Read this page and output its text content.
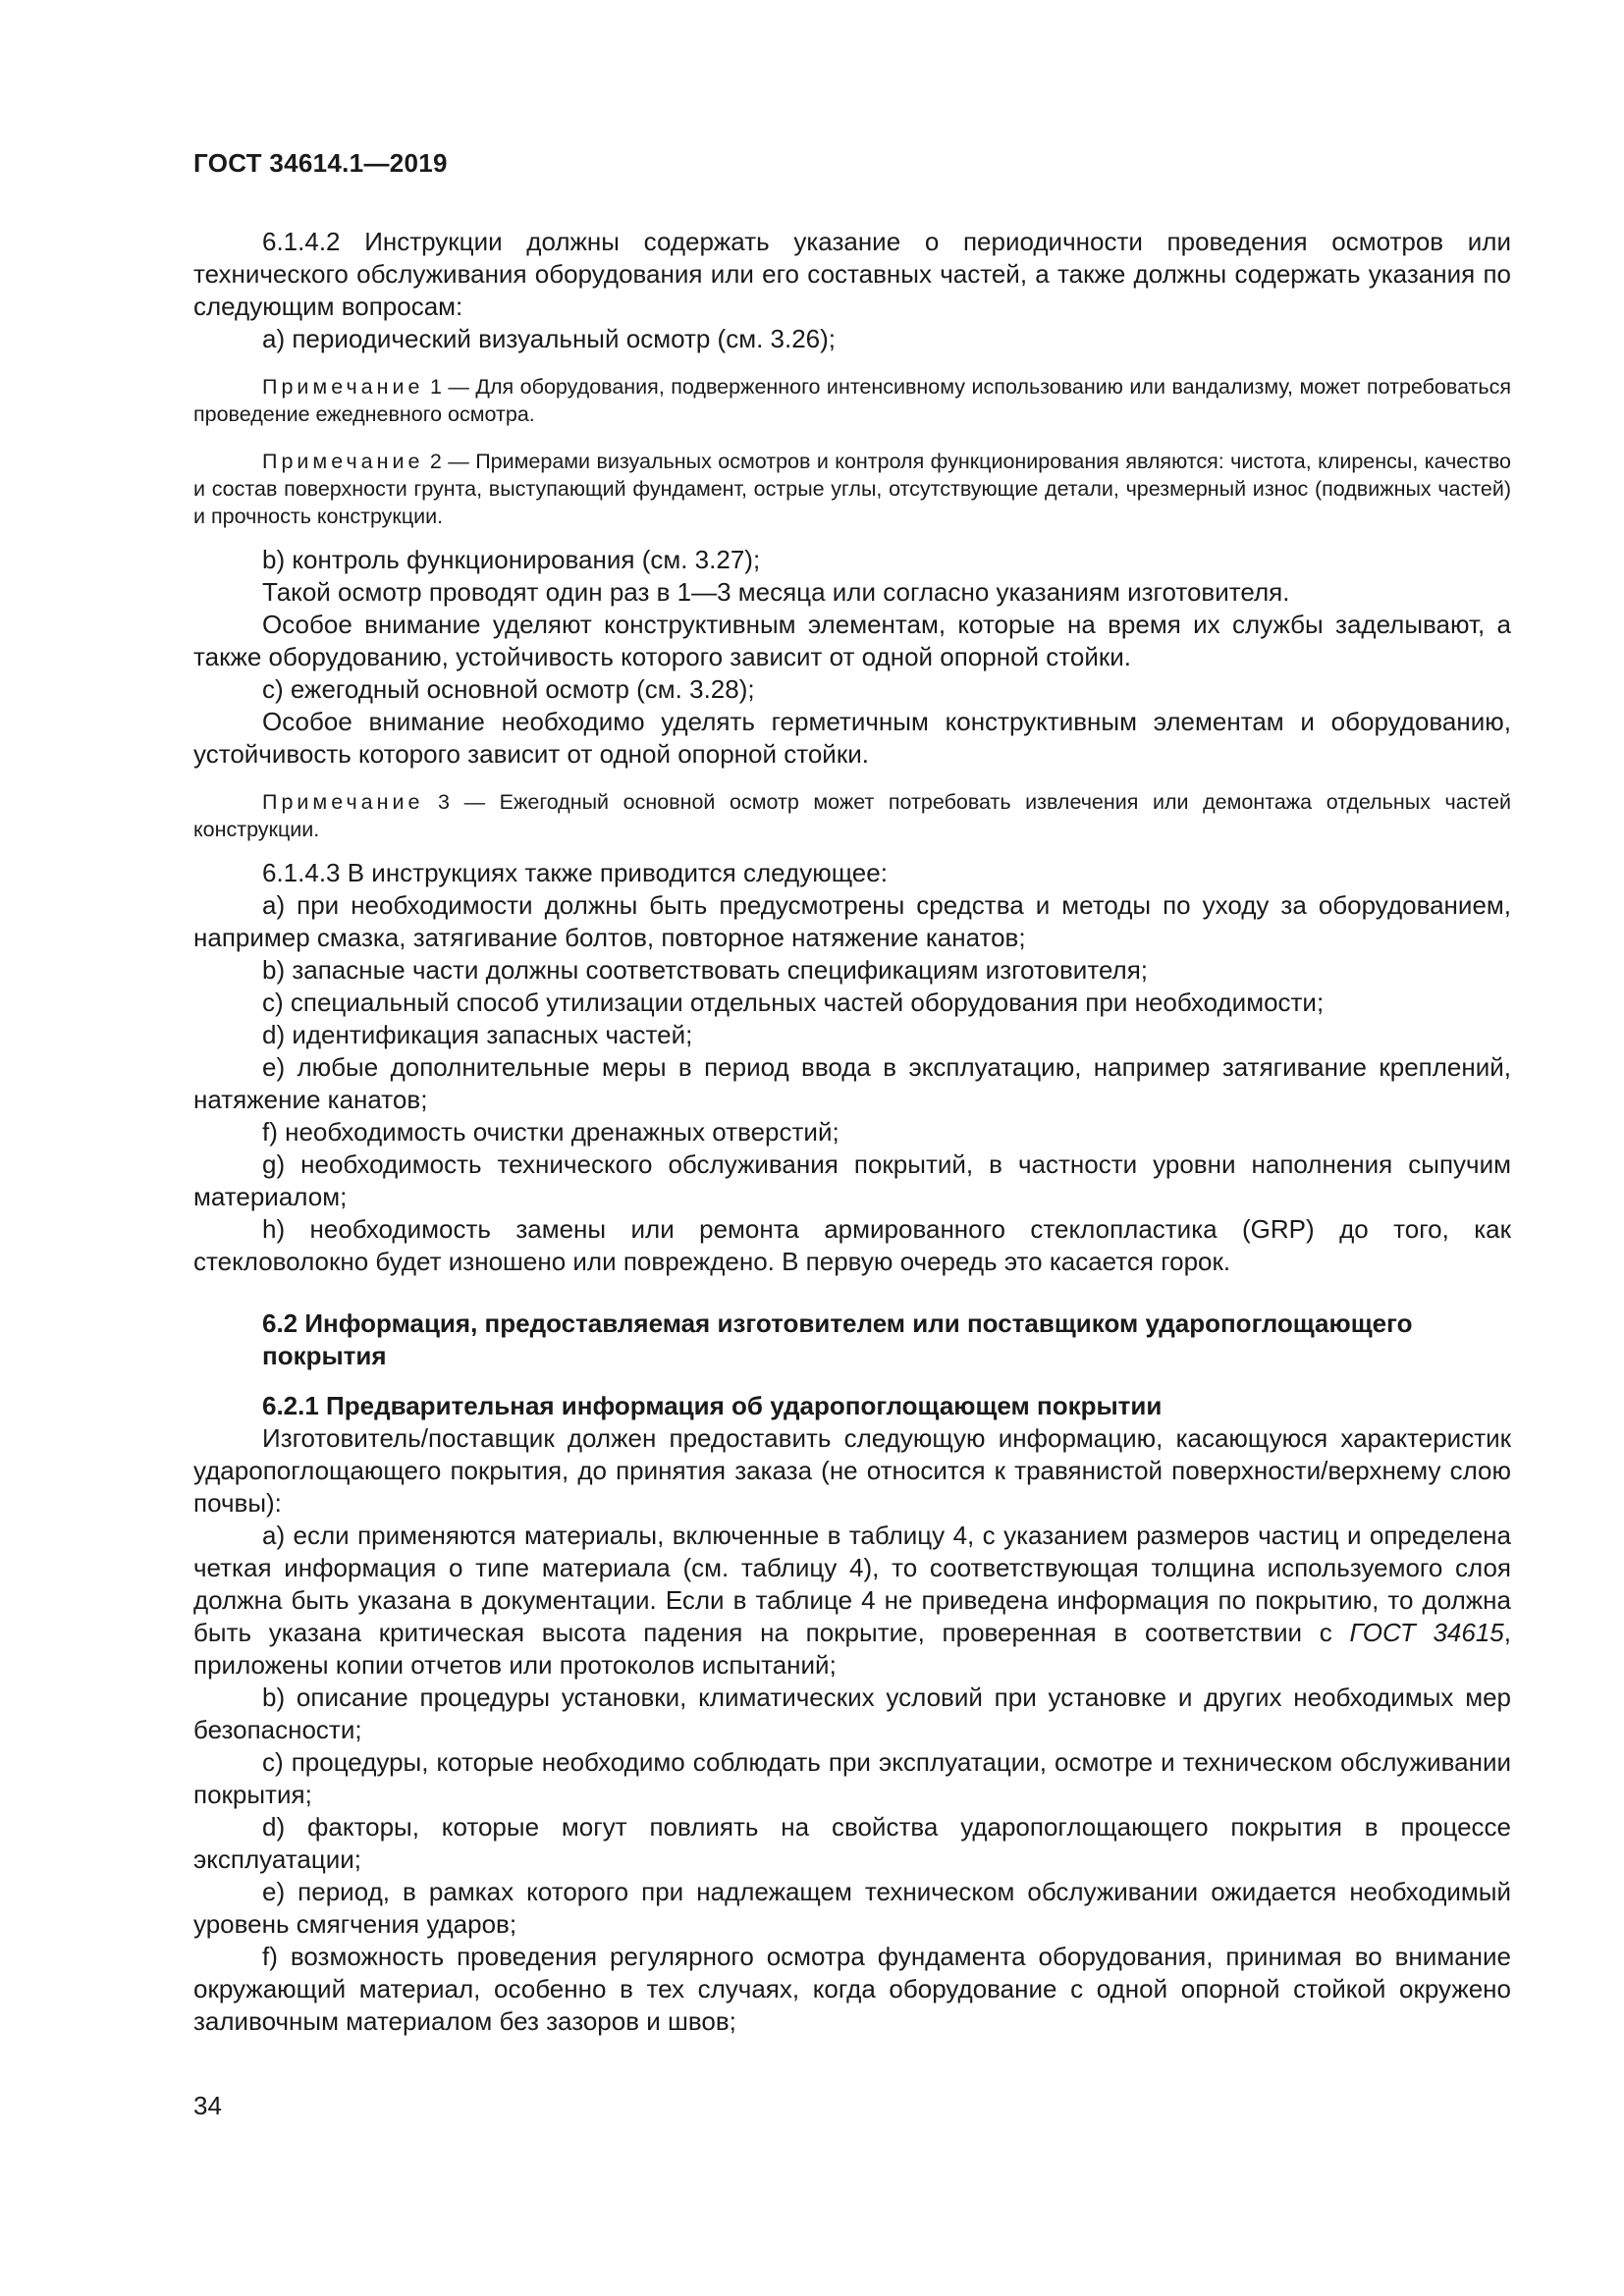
ГОСТ 34614.1—2019

6.1.4.2 Инструкции должны содержать указание о периодичности проведения осмотров или технического обслуживания оборудования или его составных частей, а также должны содержать указания по следующим вопросам:

a) периодический визуальный осмотр (см. 3.26);

Примечание 1 — Для оборудования, подверженного интенсивному использованию или вандализму, может потребоваться проведение ежедневного осмотра.

Примечание 2 — Примерами визуальных осмотров и контроля функционирования являются: чистота, клиренсы, качество и состав поверхности грунта, выступающий фундамент, острые углы, отсутствующие детали, чрезмерный износ (подвижных частей) и прочность конструкции.

b) контроль функционирования (см. 3.27);

Такой осмотр проводят один раз в 1—3 месяца или согласно указаниям изготовителя.

Особое внимание уделяют конструктивным элементам, которые на время их службы заделывают, а также оборудованию, устойчивость которого зависит от одной опорной стойки.

c) ежегодный основной осмотр (см. 3.28);

Особое внимание необходимо уделять герметичным конструктивным элементам и оборудованию, устойчивость которого зависит от одной опорной стойки.

Примечание 3 — Ежегодный основной осмотр может потребовать извлечения или демонтажа отдельных частей конструкции.

6.1.4.3 В инструкциях также приводится следующее:

a) при необходимости должны быть предусмотрены средства и методы по уходу за оборудованием, например смазка, затягивание болтов, повторное натяжение канатов;

b) запасные части должны соответствовать спецификациям изготовителя;

c) специальный способ утилизации отдельных частей оборудования при необходимости;

d) идентификация запасных частей;

e) любые дополнительные меры в период ввода в эксплуатацию, например затягивание креплений, натяжение канатов;

f) необходимость очистки дренажных отверстий;

g) необходимость технического обслуживания покрытий, в частности уровни наполнения сыпучим материалом;

h) необходимость замены или ремонта армированного стеклопластика (GRP) до того, как стекловолокно будет изношено или повреждено. В первую очередь это касается горок.

6.2 Информация, предоставляемая изготовителем или поставщиком ударопоглощающего покрытия

6.2.1 Предварительная информация об ударопоглощающем покрытии

Изготовитель/поставщик должен предоставить следующую информацию, касающуюся характеристик ударопоглощающего покрытия, до принятия заказа (не относится к травянистой поверхности/верхнему слою почвы):

a) если применяются материалы, включенные в таблицу 4, с указанием размеров частиц и определена четкая информация о типе материала (см. таблицу 4), то соответствующая толщина используемого слоя должна быть указана в документации. Если в таблице 4 не приведена информация по покрытию, то должна быть указана критическая высота падения на покрытие, проверенная в соответствии с ГОСТ 34615, приложены копии отчетов или протоколов испытаний;

b) описание процедуры установки, климатических условий при установке и других необходимых мер безопасности;

c) процедуры, которые необходимо соблюдать при эксплуатации, осмотре и техническом обслуживании покрытия;

d) факторы, которые могут повлиять на свойства ударопоглощающего покрытия в процессе эксплуатации;

e) период, в рамках которого при надлежащем техническом обслуживании ожидается необходимый уровень смягчения ударов;

f) возможность проведения регулярного осмотра фундамента оборудования, принимая во внимание окружающий материал, особенно в тех случаях, когда оборудование с одной опорной стойкой окружено заливочным материалом без зазоров и швов;

34
